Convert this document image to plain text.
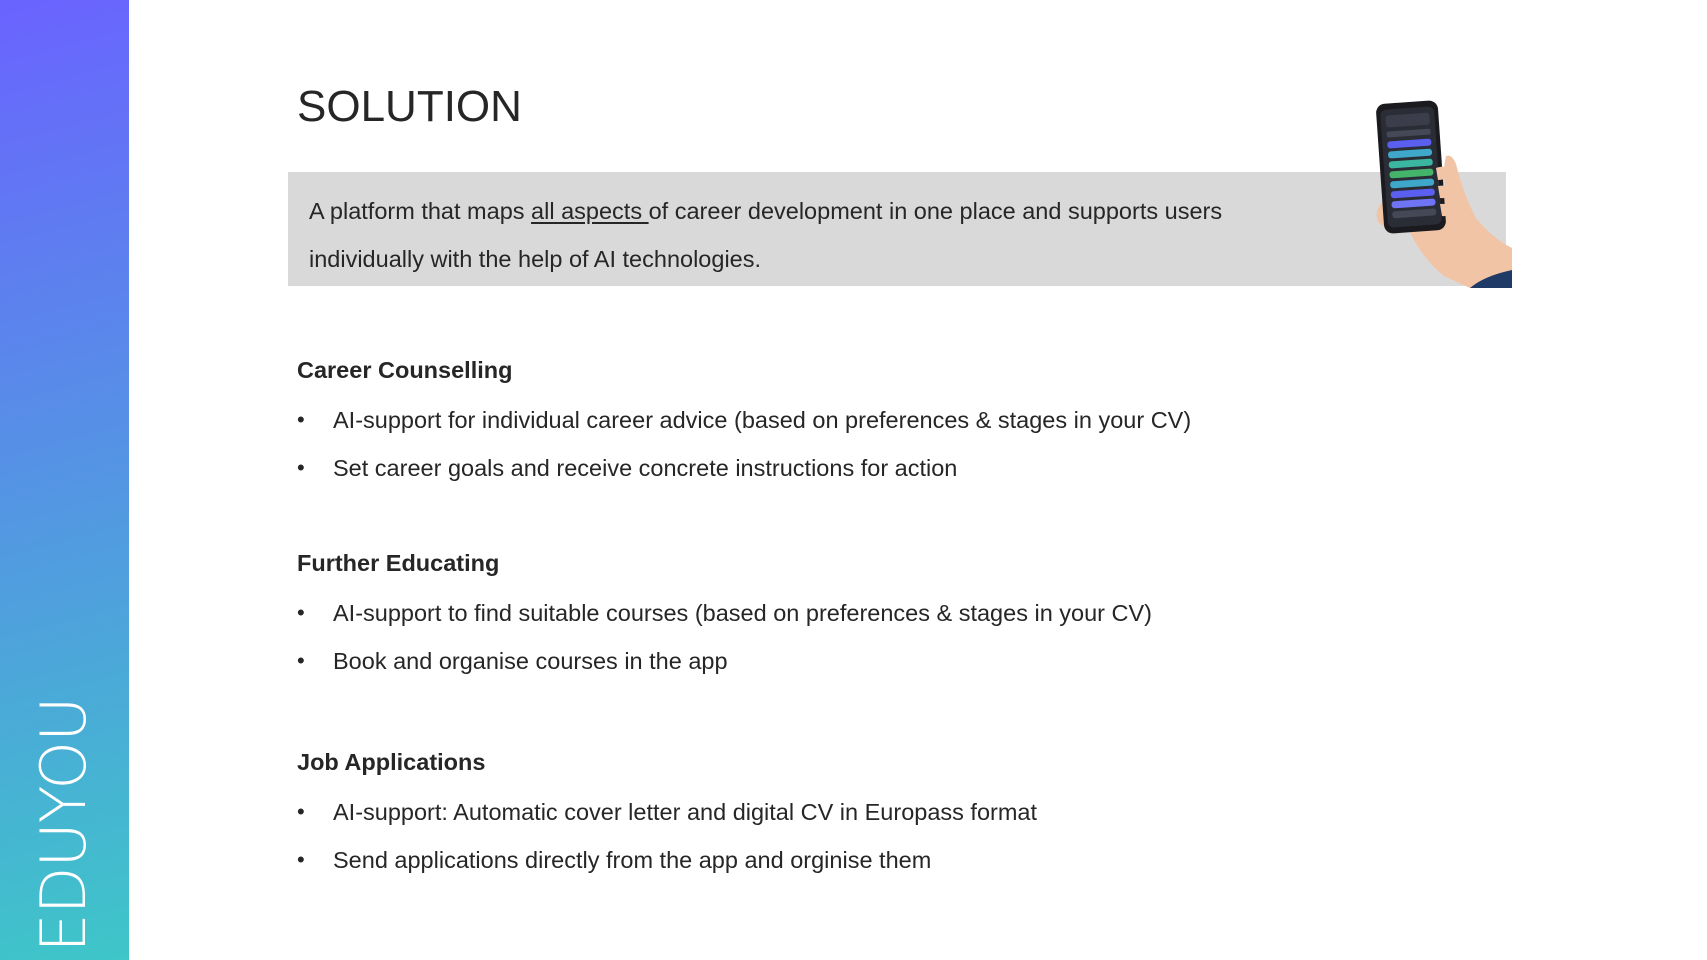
EDUYOU
SOLUTION

A platform that maps all aspects of career development in one place and supports users individually with the help of AI technologies.

Career Counselling
• AI-support for individual career advice (based on preferences & stages in your CV)
• Set career goals and receive concrete instructions for action
Further Educating
• AI-support to find suitable courses (based on preferences & stages in your CV)
• Book and organise courses in the app
Job Applications
• AI-support: Automatic cover letter and digital CV in Europass format
• Send applications directly from the app and orginise them
